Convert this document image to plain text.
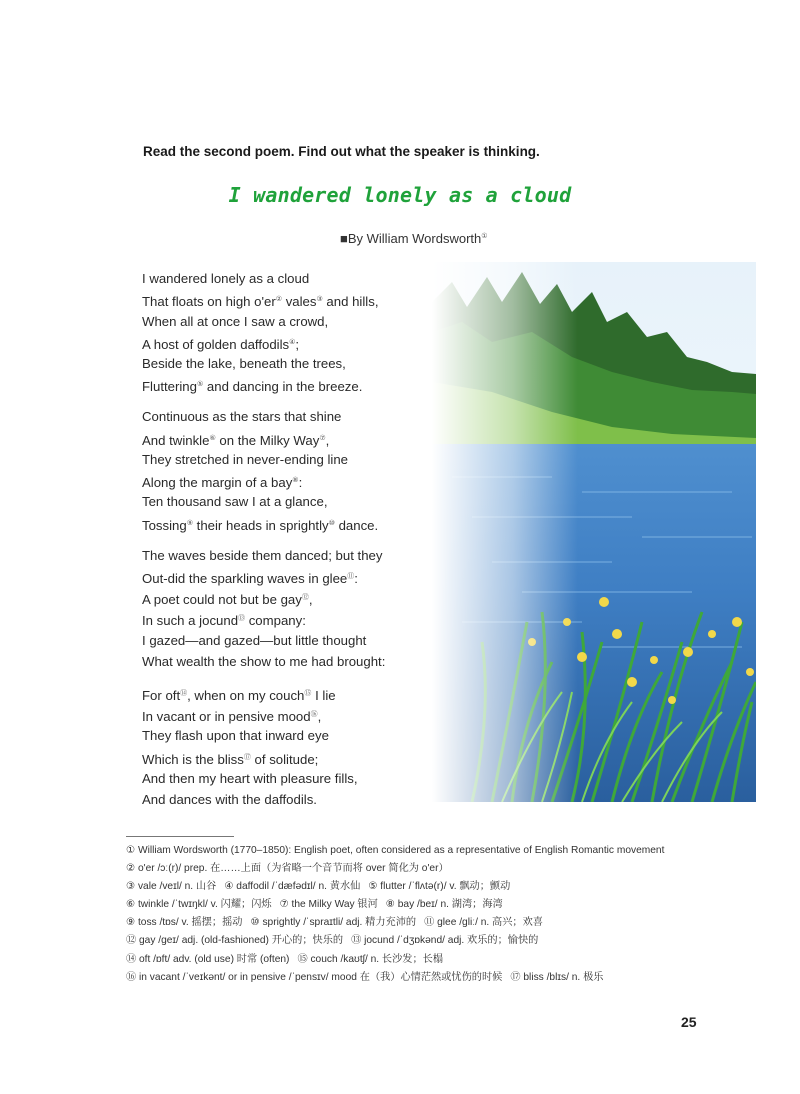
Read the second poem. Find out what the speaker is thinking.

I wandered lonely as a cloud
■By William Wordsworth①
I wandered lonely as a cloud
That floats on high o'er② vales③ and hills,
When all at once I saw a crowd,
A host of golden daffodils④;
Beside the lake, beneath the trees,
Fluttering⑤ and dancing in the breeze.
Continuous as the stars that shine
And twinkle⑥ on the Milky Way⑦,
They stretched in never-ending line
Along the margin of a bay⑧:
Ten thousand saw I at a glance,
Tossing⑨ their heads in sprightly⑩ dance.
The waves beside them danced; but they
Out-did the sparkling waves in glee⑪:
A poet could not but be gay⑫,
In such a jocund⑬ company:
I gazed—and gazed—but little thought
What wealth the show to me had brought:
For oft⑭, when on my couch⑮ I lie
In vacant or in pensive mood⑯,
They flash upon that inward eye
Which is the bliss⑰ of solitude;
And then my heart with pleasure fills,
And dances with the daffodils.
① William Wordsworth (1770–1850): English poet, often considered as a representative of English Romantic movement
② o'er /ɔː(r)/ prep. 在……上面（为省略一个音节而将 over 简化为 o'er）
③ vale /veɪl/ n. 山谷 ④ daffodil /ˈdæfədɪl/ n. 黄水仙 ⑤ flutter /ˈflʌtə(r)/ v. 飘动；颤动
⑥ twinkle /ˈtwɪŋkl/ v. 闪耀；闪烁 ⑦ the Milky Way 银河 ⑧ bay /beɪ/ n. 湖湾；海湾
⑨ toss /tɒs/ v. 摇摆；摇动 ⑩ sprightly /ˈspraɪtli/ adj. 精力充沛的 ⑪ glee /ɡliː/ n. 高兴；欢喜
⑫ gay /ɡeɪ/ adj. (old-fashioned) 开心的；快乐的 ⑬ jocund /ˈdʒɒkənd/ adj. 欢乐的；愉快的
⑭ oft /ɒft/ adv. (old use) 时常 (often) ⑮ couch /kaʊtʃ/ n. 长沙发；长榻
⑯ in vacant /ˈveɪkənt/ or in pensive /ˈpensɪv/ mood 在（我）心情茫然或忧伤的时候 ⑰ bliss /blɪs/ n. 极乐
25
